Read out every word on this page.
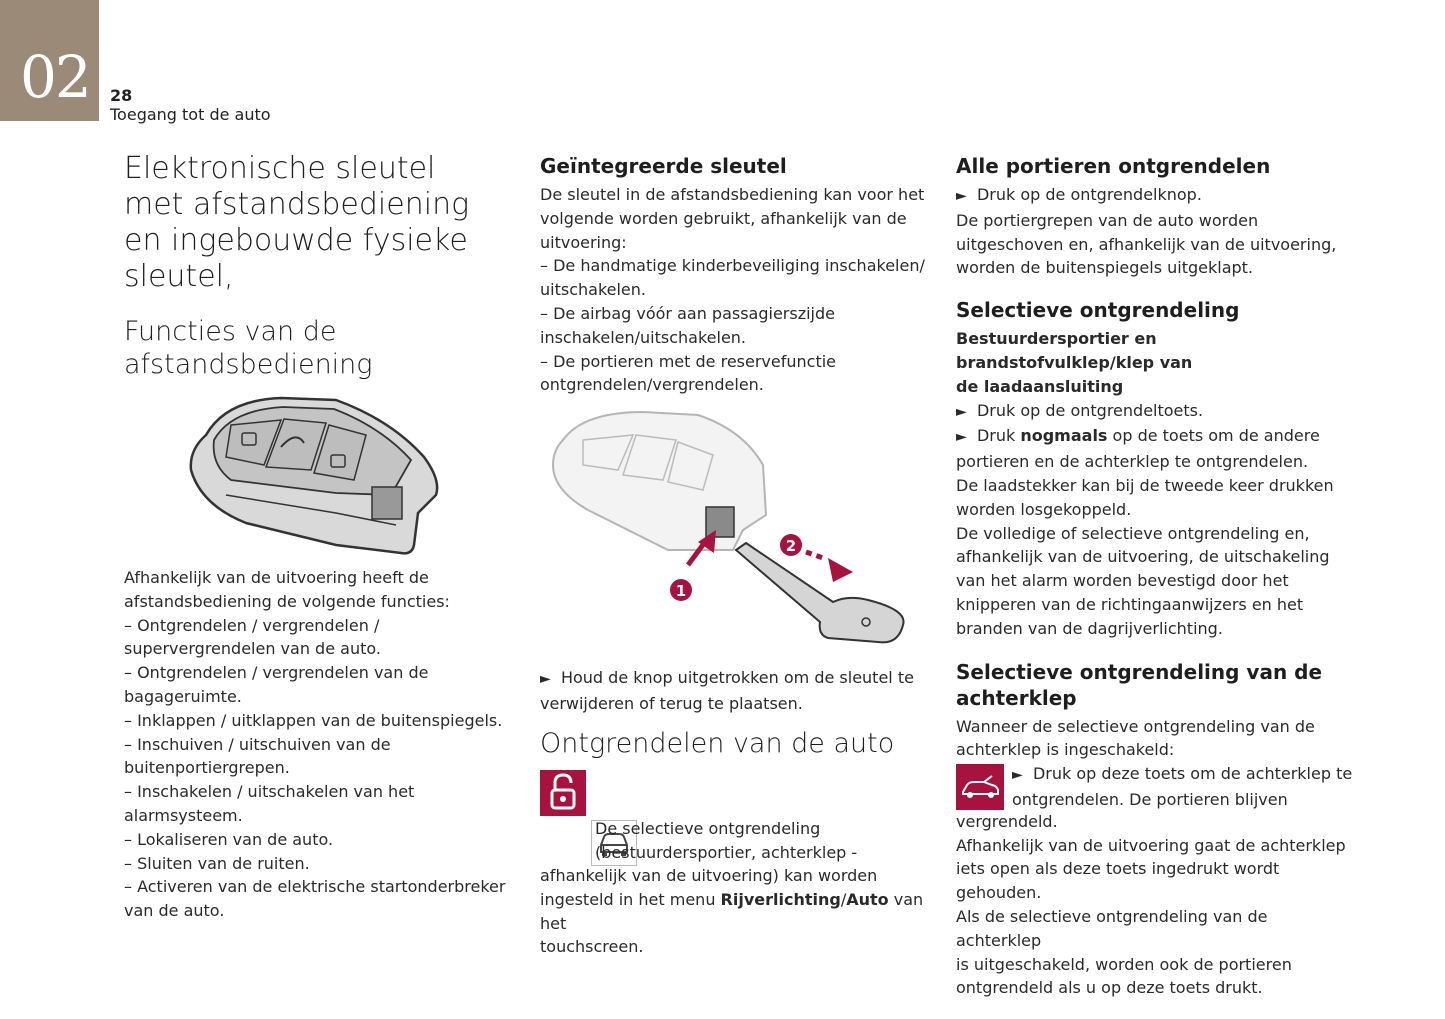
02 28
Toegang tot de auto
Elektronische sleutel
met afstandsbediening
en ingebouwde fysieke
sleutel,
Functies van de
afstandsbediening
Afhankelijk van de uitvoering heeft de
afstandsbediening de volgende functies:
– Ontgrendelen / vergrendelen /
supervergrendelen van de auto.
– Ontgrendelen / vergrendelen van de
bagageruimte.
– Inklappen / uitklappen van de buitenspiegels.
– Inschuiven / uitschuiven van de
buitenportiergrepen.
– Inschakelen / uitschakelen van het
alarmsysteem.
– Lokaliseren van de auto.
– Sluiten van de ruiten.
– Activeren van de elektrische startonderbreker
van de auto.
Geïntegreerde sleutel
De sleutel in de afstandsbediening kan voor het
volgende worden gebruikt, afhankelijk van de
uitvoering:
– De handmatige kinderbeveiliging inschakelen/
uitschakelen.
– De airbag vóór aan passagierszijde
inschakelen/uitschakelen.
– De portieren met de reservefunctie
ontgrendelen/vergrendelen.
1
2
► Houd de knop uitgetrokken om de sleutel te
verwijderen of terug te plaatsen.
Ontgrendelen van de auto

De selectieve ontgrendeling
(bestuurdersportier, achterklep -
afhankelijk van de uitvoering) kan worden
ingesteld in het menu Rijverlichting/Auto van het
touchscreen.
Alle portieren ontgrendelen
► Druk op de ontgrendelknop.
De portiergrepen van de auto worden
uitgeschoven en, afhankelijk van de uitvoering,
worden de buitenspiegels uitgeklapt.
Selectieve ontgrendeling
Bestuurdersportier en brandstofvulklep/klep van
de laadaansluiting
► Druk op de ontgrendeltoets.
► Druk nogmaals op de toets om de andere
portieren en de achterklep te ontgrendelen.
De laadstekker kan bij de tweede keer drukken
worden losgekoppeld.
De volledige of selectieve ontgrendeling en,
afhankelijk van de uitvoering, de uitschakeling
van het alarm worden bevestigd door het
knipperen van de richtingaanwijzers en het
branden van de dagrijverlichting.
Selectieve ontgrendeling van de
achterklep
Wanneer de selectieve ontgrendeling van de
achterklep is ingeschakeld:
► Druk op deze toets om de achterklep te
ontgrendelen. De portieren blijven
vergrendeld.
Afhankelijk van de uitvoering gaat de achterklep
iets open als deze toets ingedrukt wordt
gehouden.
Als de selectieve ontgrendeling van de achterklep
is uitgeschakeld, worden ook de portieren
ontgrendeld als u op deze toets drukt.
